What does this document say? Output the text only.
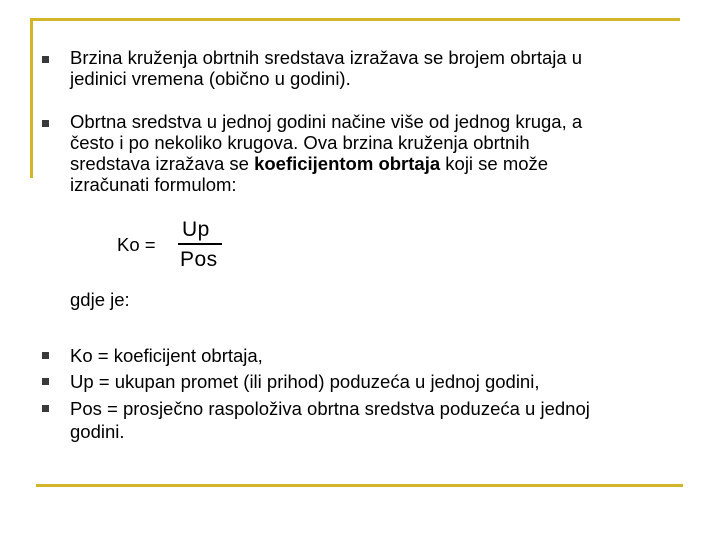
Brzina kruženja obrtnih sredstava izražava se brojem obrtaja u
jedinici vremena (obično u godini).
Obrtna sredstva u jednoj godini načine više od jednog kruga, a
često i po nekoliko krugova. Ova brzina kruženja obrtnih
sredstava izražava se koeficijentom obrtaja koji se može
izračunati formulom:
Ko =
Up
Pos
gdje je:
Ko = koeficijent obrtaja,
Up = ukupan promet (ili prihod) poduzeća u jednoj godini,
Pos = prosječno raspoloživa obrtna sredstva poduzeća u jednoj
godini.
